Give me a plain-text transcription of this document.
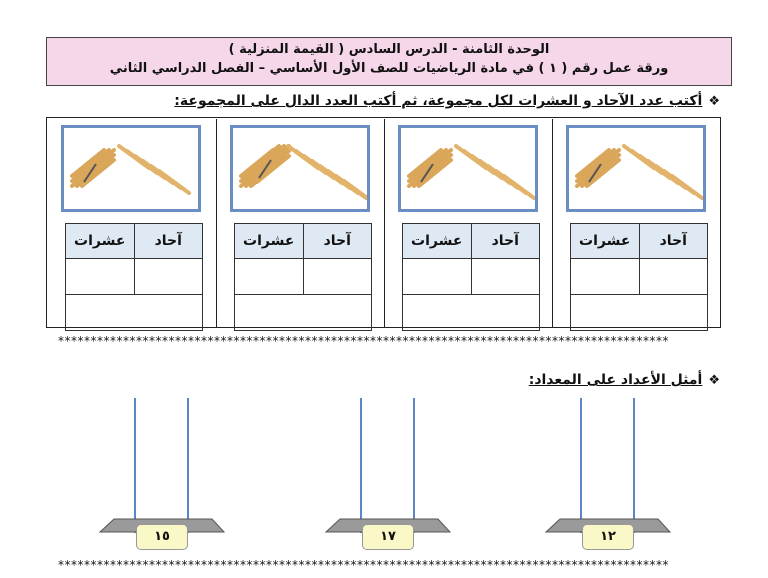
الوحدة الثامنة - الدرس السادس ( القيمة المنزلية )
ورقة عمل رقم ( ١ ) في مادة الرياضيات للصف الأول الأساسي – الفصل الدراسي الثاني
❖أكتب عدد الآحاد و العشرات لكل مجموعة، ثم أكتب العدد الدال على المجموعة:
آحاد	عشرات

آحاد	عشرات

آحاد	عشرات

آحاد	عشرات

**********************************************************************************************
❖أمثل الأعداد على المعداد:
١٢
١٧
١٥
**********************************************************************************************
